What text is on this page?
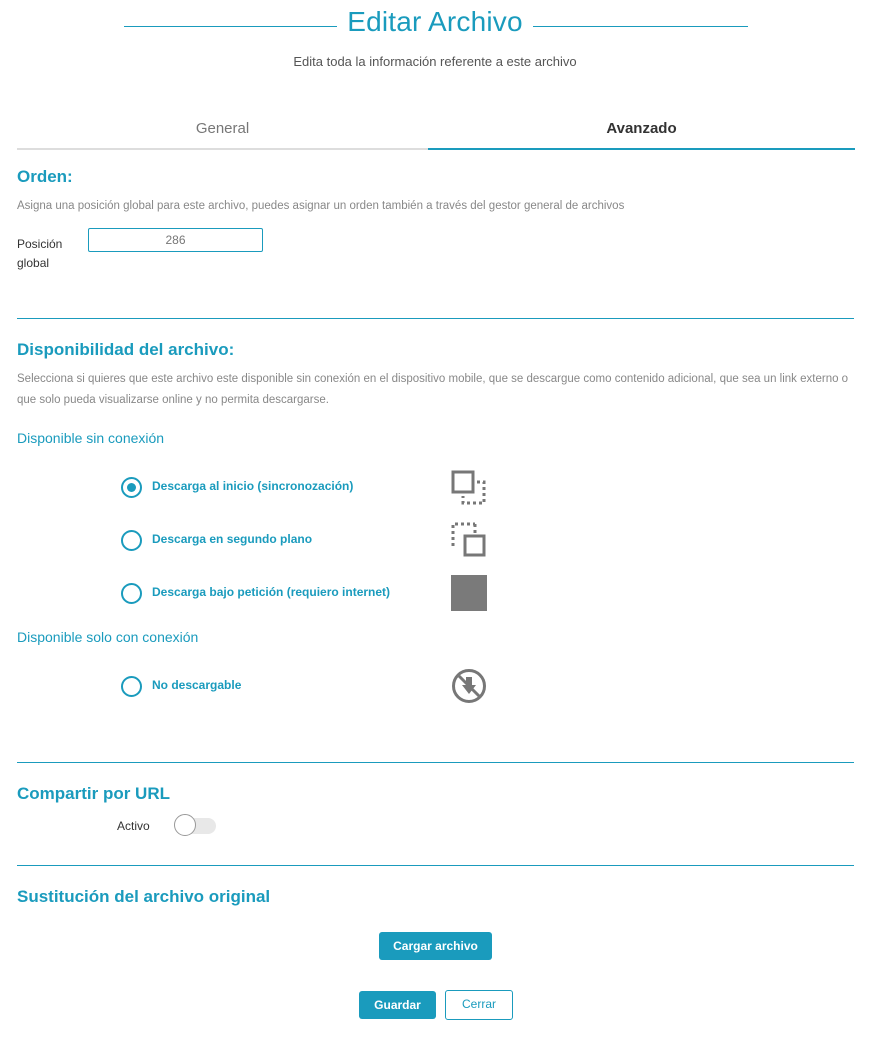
Editar Archivo
Edita toda la información referente a este archivo
General	Avanzado
Orden:
Asigna una posición global para este archivo, puedes asignar un orden también a través del gestor general de archivos
Posición
global
286
Disponibilidad del archivo:
Selecciona si quieres que este archivo este disponible sin conexión en el dispositivo mobile, que se descargue como contenido adicional, que sea un link externo o
que solo pueda visualizarse online y no permita descargarse.
Disponible sin conexión
Descarga al inicio (sincronozación)
Descarga en segundo plano
Descarga bajo petición (requiero internet)
Disponible solo con conexión
No descargable
Compartir por URL
Activo
Sustitución del archivo original
Cargar archivo
Guardar	Cerrar
